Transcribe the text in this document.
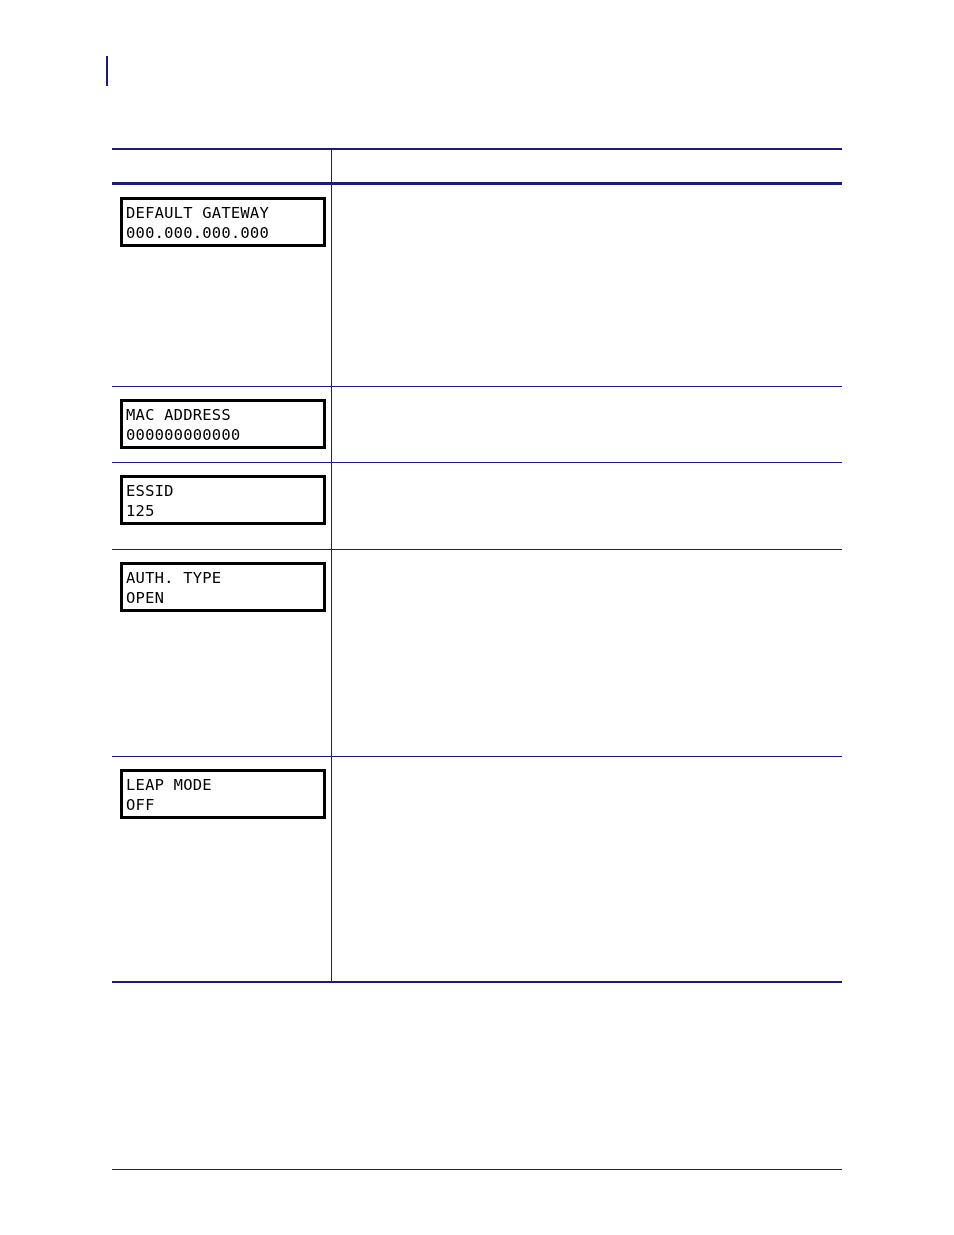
DEFAULT GATEWAY
000.000.000.000
MAC ADDRESS
000000000000
ESSID
125
AUTH. TYPE
OPEN
LEAP MODE
OFF
